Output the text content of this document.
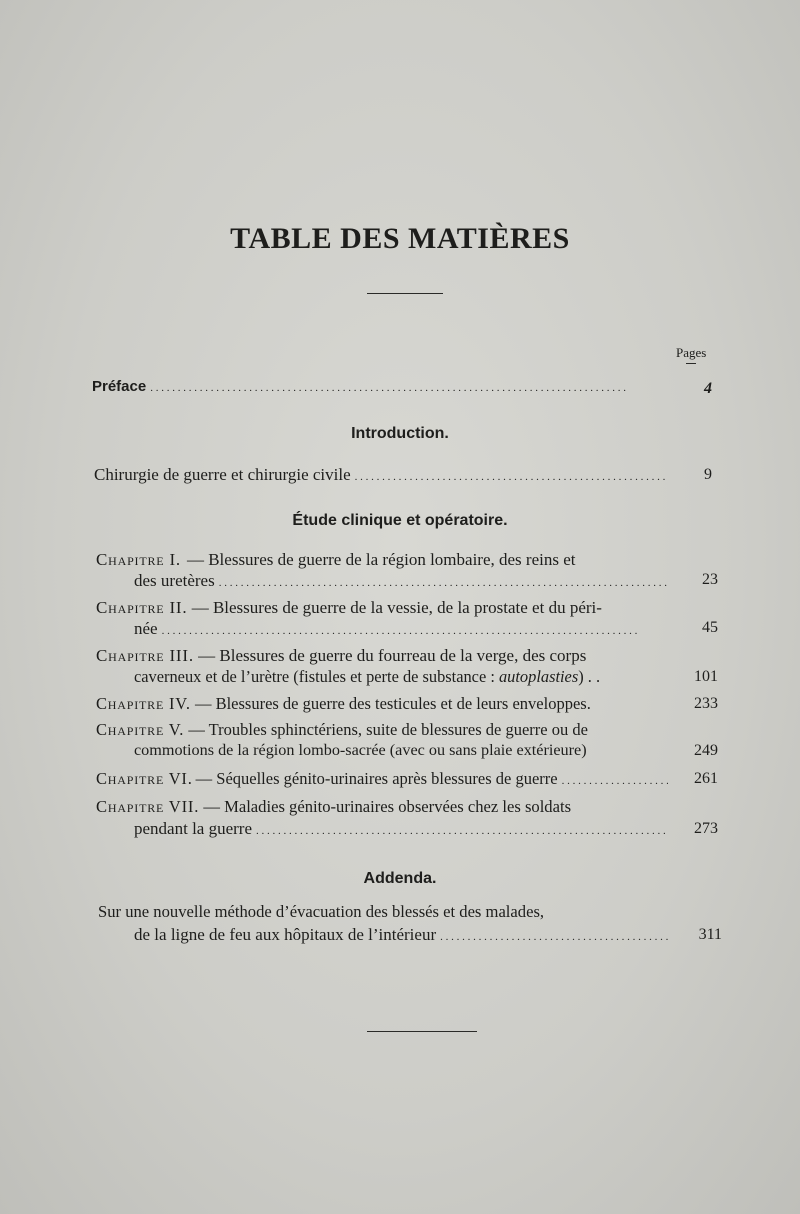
TABLE DES MATIÈRES
Pages
Préface . . .	4
Introduction.
Chirurgie de guerre et chirurgie civile . . .	9
Étude clinique et opératoire.
Chapitre I. — Blessures de guerre de la région lombaire, des reins et
des uretères . . .	23
Chapitre II. — Blessures de guerre de la vessie, de la prostate et du péri-
née . . .	45
Chapitre III. — Blessures de guerre du fourreau de la verge, des corps
caverneux et de l’urètre (fistules et perte de substance : autoplasties) . .	101
Chapitre IV. — Blessures de guerre des testicules et de leurs enveloppes.	233
Chapitre V. — Troubles sphinctériens, suite de blessures de guerre ou de
commotions de la région lombo-sacrée (avec ou sans plaie extérieure)	249
Chapitre VI. — Séquelles génito-urinaires après blessures de guerre . . .	261
Chapitre VII. — Maladies génito-urinaires observées chez les soldats
pendant la guerre . . .	273
Addenda.
Sur une nouvelle méthode d’évacuation des blessés et des malades,
de la ligne de feu aux hôpitaux de l’intérieur . . .	311
